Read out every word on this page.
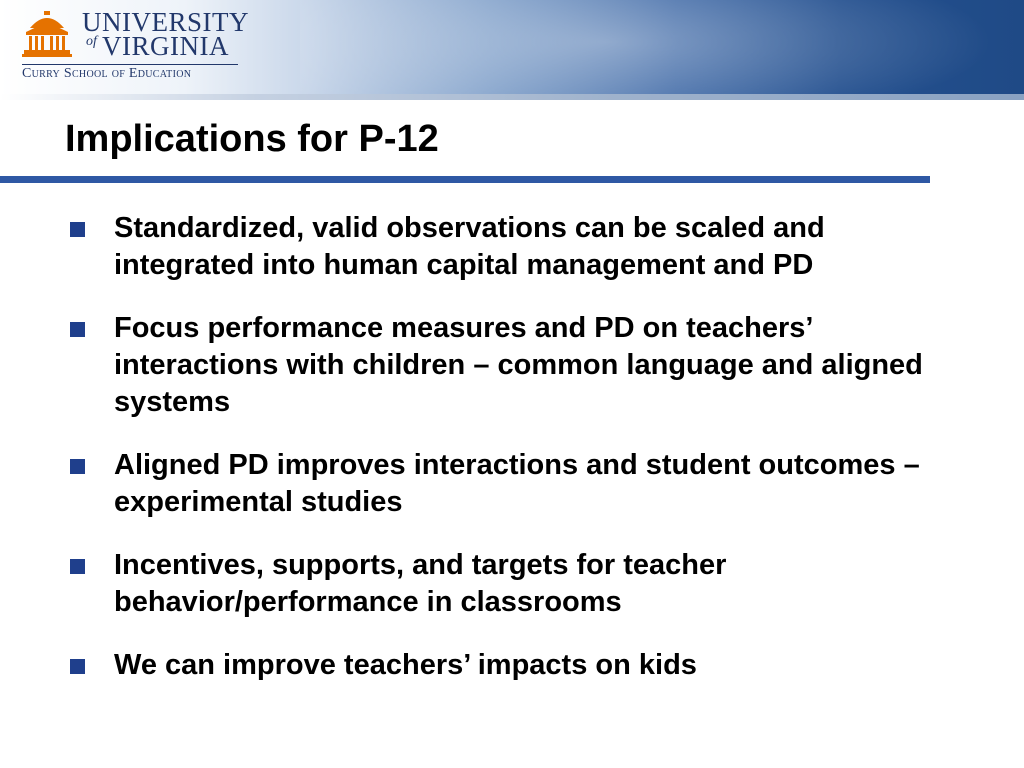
UNIVERSITY
of VIRGINIA
Curry School of Education
Implications for P-12
Standardized, valid observations can be scaled and integrated into human capital management and PD
Focus performance measures and PD on teachers’ interactions with children – common language and aligned systems
Aligned PD improves interactions and student outcomes – experimental studies
Incentives, supports, and targets for teacher behavior/performance in classrooms
We can improve teachers’ impacts on kids
